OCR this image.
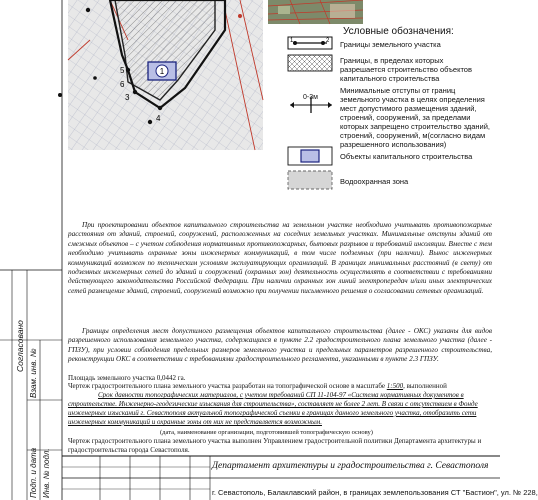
1
5
6
3
4
Условные обозначения:
1	2 Границы земельного участка
Границы, в пределах которых разрешается строительство объектов капитального строительства
0-3м
Минимальные отступы от границ земельного участка в целях определения мест допустимого размещения зданий, строений, сооружений, за пределами которых запрещено строительство зданий, строений, сооружений, м(согласно видам разрешенного использования)
Объекты капитального строительства
Водоохранная зона
При проектировании объектов капитального строительства на земельном участке необходимо учитывать противопожарные расстояния от зданий, строений, сооружений, расположенных на соседних земельных участках. Минимальные отступы зданий от смежных объектов – с учетом соблюдения нормативных противопожарных, бытовых разрывов и требований инсоляции. Вместе с тем необходимо учитывать охранные зоны инженерных коммуникаций, в том числе подземных (при наличии). Вынос инженерных коммуникаций возможен по техническим условиям эксплуатирующих организаций. В границах минимальных расстояний (в свету) от подземных инженерных сетей до зданий и сооружений (охранных зон) деятельность осуществлять в соответствии с требованиями действующего законодательства Российской Федерации. При наличии охранных зон линий электропередач и/или иных электрических сетей размещение зданий, строений, сооружений возможно при получении письменного решения о согласовании сетевых организаций.
Границы определения мест допустимого размещения объектов капитального строительства (далее - ОКС) указаны для видов разрешенного использования земельного участка, содержащихся в пункте 2.2 градостроительного плана земельного участка (далее - ГПЗУ), при условии соблюдения предельных размеров земельного участка и предельных параметров разрешенного строительства, реконструкции ОКС в соответствии с требованиями градостроительного регламента, указанными в пункте 2.3 ГПЗУ.
Площадь земельного участка 0,0442 га.
Чертеж градостроительного плана земельного участка разработан на топографической основе в масштабе 1:500, выполненной
Срок давности топографических материалов, с учетом требований СП 11-104-97 «Система нормативных документов в строительстве. Инженерно-геодезические изыскания для строительства», составляет не более 2 лет. В связи с отсутствием в Фонде инженерных изысканий г. Севастополя актуальной топографической съемки в границах данного земельного участка, отобразить сети инженерных коммуникаций и охранные зоны от них не представляется возможным.
(дата, наименование организации, подготовившей топографическую основу)
Чертеж градостроительного плана земельного участка выполнен Управлением градостроительной политики Департамента архитектуры и градостроительства города Севастополя.
Департамент архитектуры и градостроительства г. Севастополя
г. Севастополь, Балаклавский район, в границах землепользования СТ "Бастион", ул. № 228,
Согласовано
Взам. инв. №
Подп. и дата Инв. № подл.
